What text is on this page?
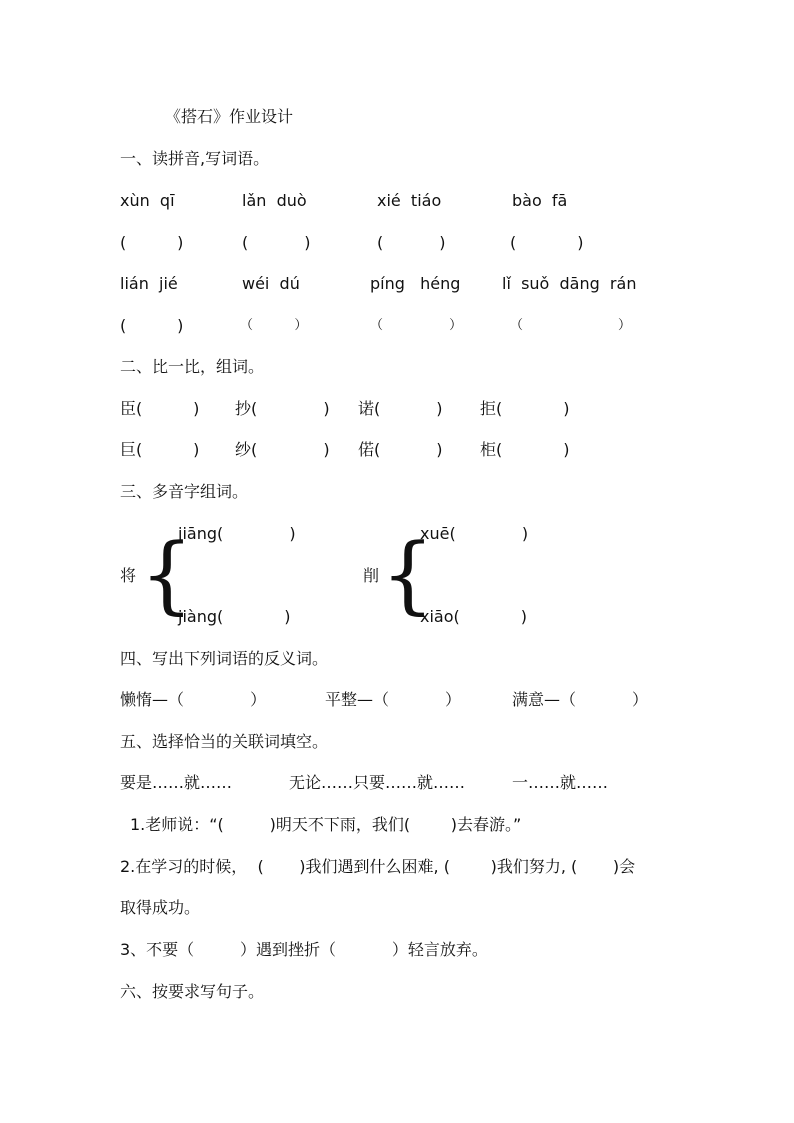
《搭石》作业设计
一、读拼音,写词语。
xùn  qī	lǎn  duò	xié  tiáo	bào  fā
(          )	(           )	(           )	(            )
lián  jié	wéi  dú	píng   héng	lǐ  suǒ  dāng  rán
(          )	（          ）	（                ）	（                       ）
二、比一比，组词。
臣(          ) 抄(             ) 诺(           ) 拒(            )
巨(          ) 纱(             ) 偌(           ) 柜(            )
三、多音字组词。
jiāng(             )
将 {
jiàng(            )
xuē(             )
削 {
xiāo(            )
四、写出下列词语的反义词。
懒惰—（             ）	平整—（           ）	满意—（           ）
五、选择恰当的关联词填空。
要是……就……	无论……只要……就……	一……就……
1.老师说：“(         )明天不下雨，我们(        )去春游。”
2.在学习的时候，  (       )我们遇到什么困难, (        )我们努力, (       )会
取得成功。
3、不要（         ）遇到挫折（           ）轻言放弃。
六、按要求写句子。
